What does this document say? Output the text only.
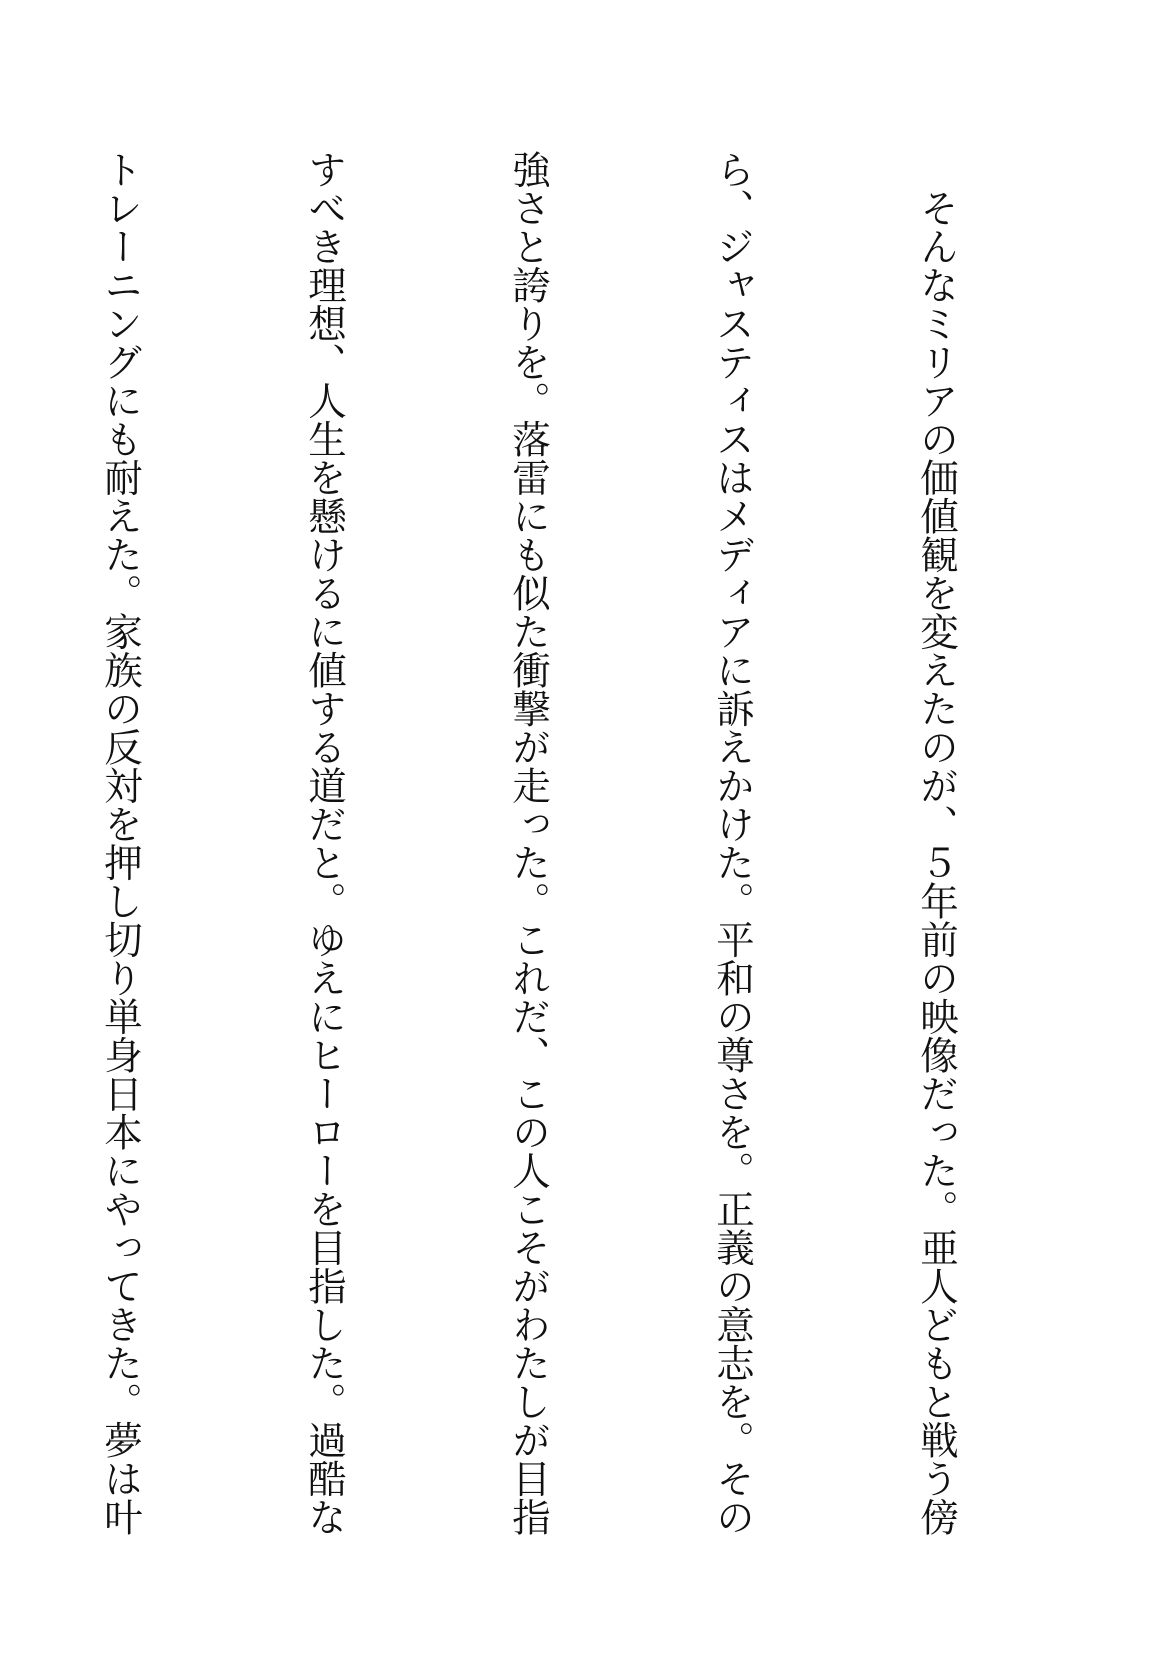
　そんなミリアの価値観を変えたのが、５年前の映像だった。亜人どもと戦う傍

ら、ジャスティスはメディアに訴えかけた。平和の尊さを。正義の意志を。その

強さと誇りを。落雷にも似た衝撃が走った。これだ、この人こそがわたしが目指

すべき理想、人生を懸けるに値する道だと。ゆえにヒーローを目指した。過酷な

トレーニングにも耐えた。家族の反対を押し切り単身日本にやってきた。夢は叶
